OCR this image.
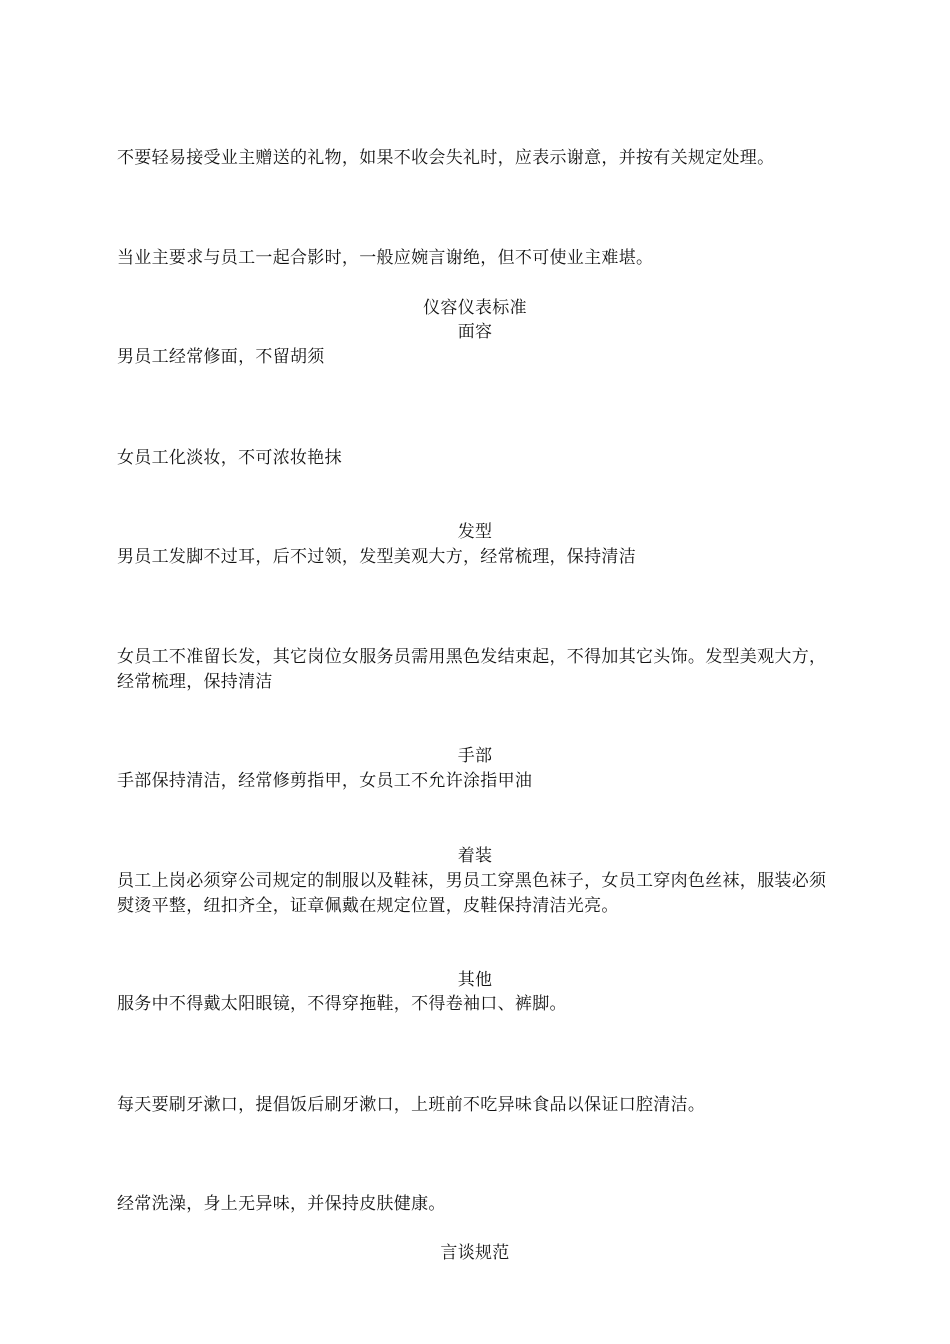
不要轻易接受业主赠送的礼物，如果不收会失礼时，应表示谢意，并按有关规定处理。

当业主要求与员工一起合影时，一般应婉言谢绝，但不可使业主难堪。

仪容仪表标准

面容

男员工经常修面，不留胡须

女员工化淡妆，不可浓妆艳抹

发型

男员工发脚不过耳，后不过领，发型美观大方，经常梳理，保持清洁

女员工不准留长发，其它岗位女服务员需用黑色发结束起，不得加其它头饰。发型美观大方，经常梳理，保持清洁

手部

手部保持清洁，经常修剪指甲，女员工不允许涂指甲油

着装

员工上岗必须穿公司规定的制服以及鞋袜，男员工穿黑色袜子，女员工穿肉色丝袜，服装必须熨烫平整，纽扣齐全，证章佩戴在规定位置，皮鞋保持清洁光亮。

其他

服务中不得戴太阳眼镜，不得穿拖鞋，不得卷袖口、裤脚。

每天要刷牙漱口，提倡饭后刷牙漱口，上班前不吃异味食品以保证口腔清洁。

经常洗澡，身上无异味，并保持皮肤健康。

言谈规范
